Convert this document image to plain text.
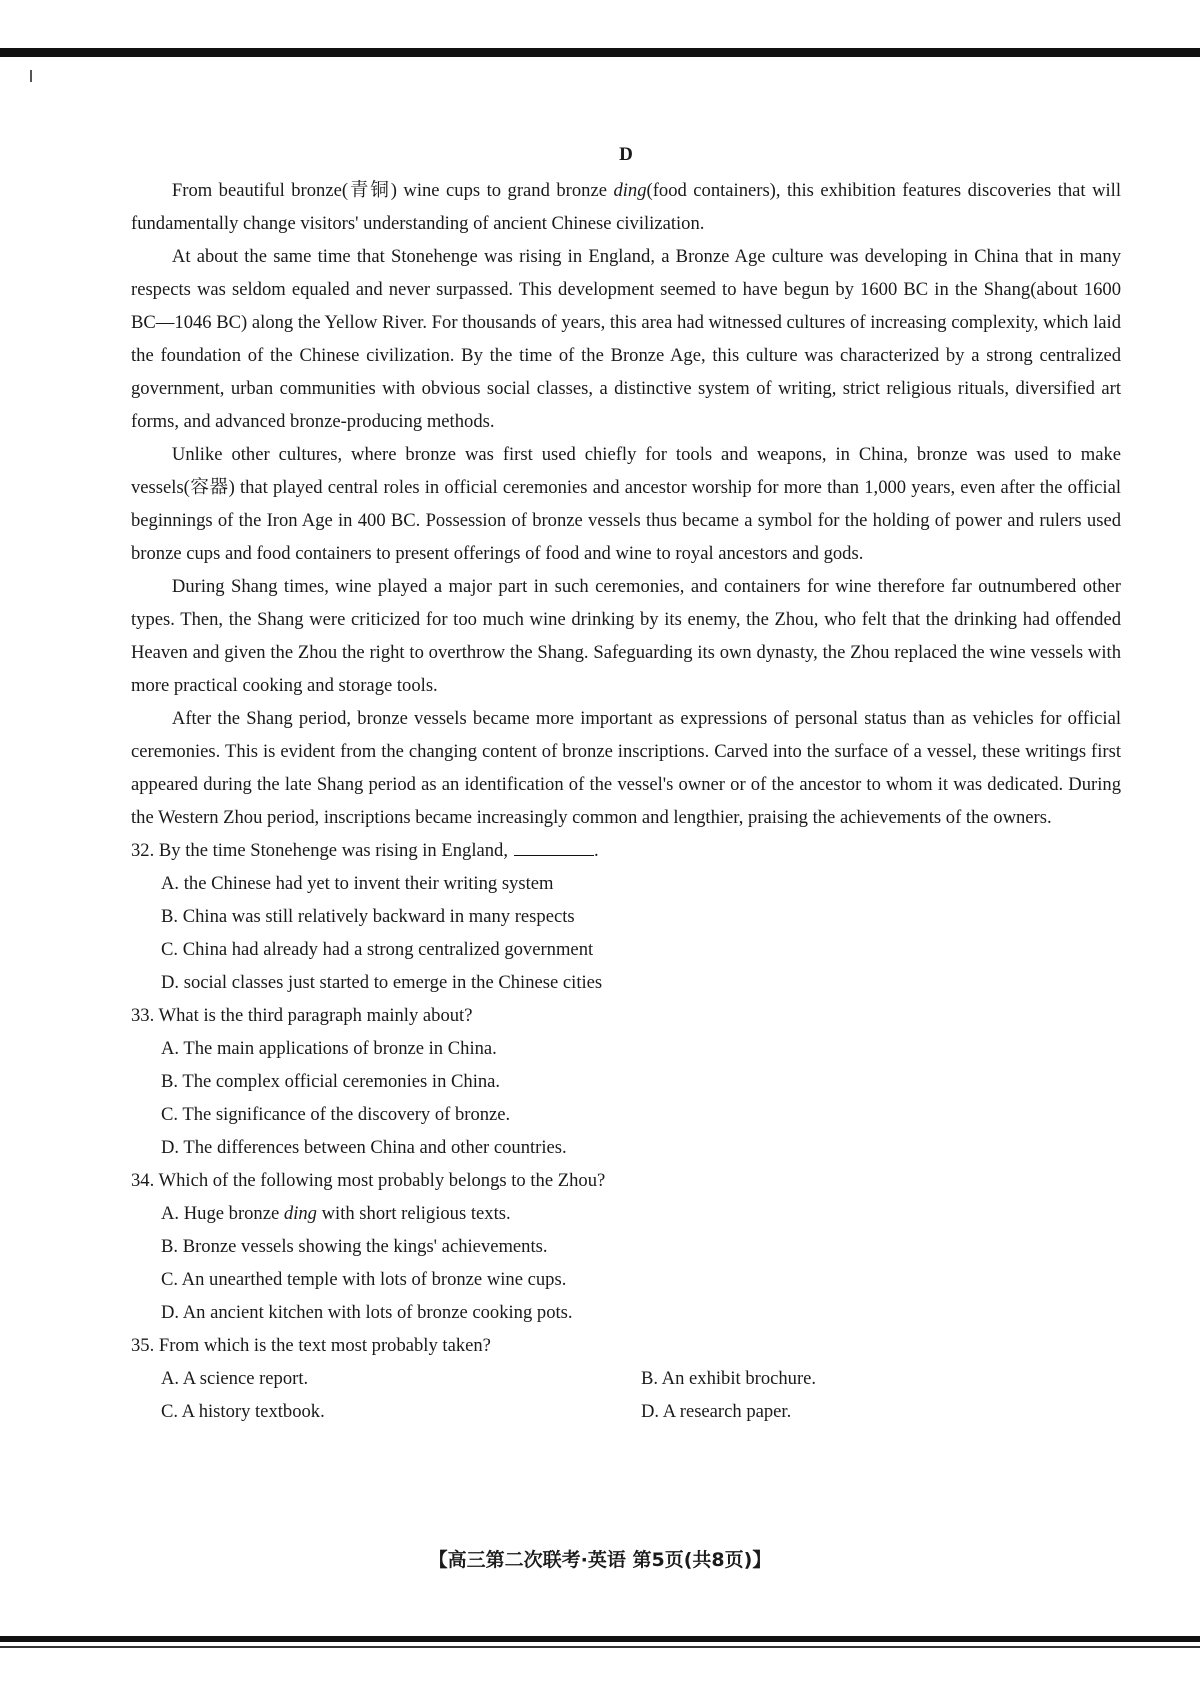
D

From beautiful bronze(青铜) wine cups to grand bronze ding(food containers), this exhibition features discoveries that will fundamentally change visitors' understanding of ancient Chinese civilization.

At about the same time that Stonehenge was rising in England, a Bronze Age culture was developing in China that in many respects was seldom equaled and never surpassed. This development seemed to have begun by 1600 BC in the Shang(about 1600 BC—1046 BC) along the Yellow River. For thousands of years, this area had witnessed cultures of increasing complexity, which laid the foundation of the Chinese civilization. By the time of the Bronze Age, this culture was characterized by a strong centralized government, urban communities with obvious social classes, a distinctive system of writing, strict religious rituals, diversified art forms, and advanced bronze-producing methods.

Unlike other cultures, where bronze was first used chiefly for tools and weapons, in China, bronze was used to make vessels(容器) that played central roles in official ceremonies and ancestor worship for more than 1,000 years, even after the official beginnings of the Iron Age in 400 BC. Possession of bronze vessels thus became a symbol for the holding of power and rulers used bronze cups and food containers to present offerings of food and wine to royal ancestors and gods.

During Shang times, wine played a major part in such ceremonies, and containers for wine therefore far outnumbered other types. Then, the Shang were criticized for too much wine drinking by its enemy, the Zhou, who felt that the drinking had offended Heaven and given the Zhou the right to overthrow the Shang. Safeguarding its own dynasty, the Zhou replaced the wine vessels with more practical cooking and storage tools.

After the Shang period, bronze vessels became more important as expressions of personal status than as vehicles for official ceremonies. This is evident from the changing content of bronze inscriptions. Carved into the surface of a vessel, these writings first appeared during the late Shang period as an identification of the vessel's owner or of the ancestor to whom it was dedicated. During the Western Zhou period, inscriptions became increasingly common and lengthier, praising the achievements of the owners.

32. By the time Stonehenge was rising in England,	.

A. the Chinese had yet to invent their writing system

B. China was still relatively backward in many respects

C. China had already had a strong centralized government

D. social classes just started to emerge in the Chinese cities

33. What is the third paragraph mainly about?

A. The main applications of bronze in China.

B. The complex official ceremonies in China.

C. The significance of the discovery of bronze.

D. The differences between China and other countries.

34. Which of the following most probably belongs to the Zhou?

A. Huge bronze ding with short religious texts.

B. Bronze vessels showing the kings' achievements.

C. An unearthed temple with lots of bronze wine cups.

D. An ancient kitchen with lots of bronze cooking pots.

35. From which is the text most probably taken?

A. A science report.	B. An exhibit brochure.
C. A history textbook.	D. A research paper.
【高三第二次联考·英语 第5页(共8页)】
